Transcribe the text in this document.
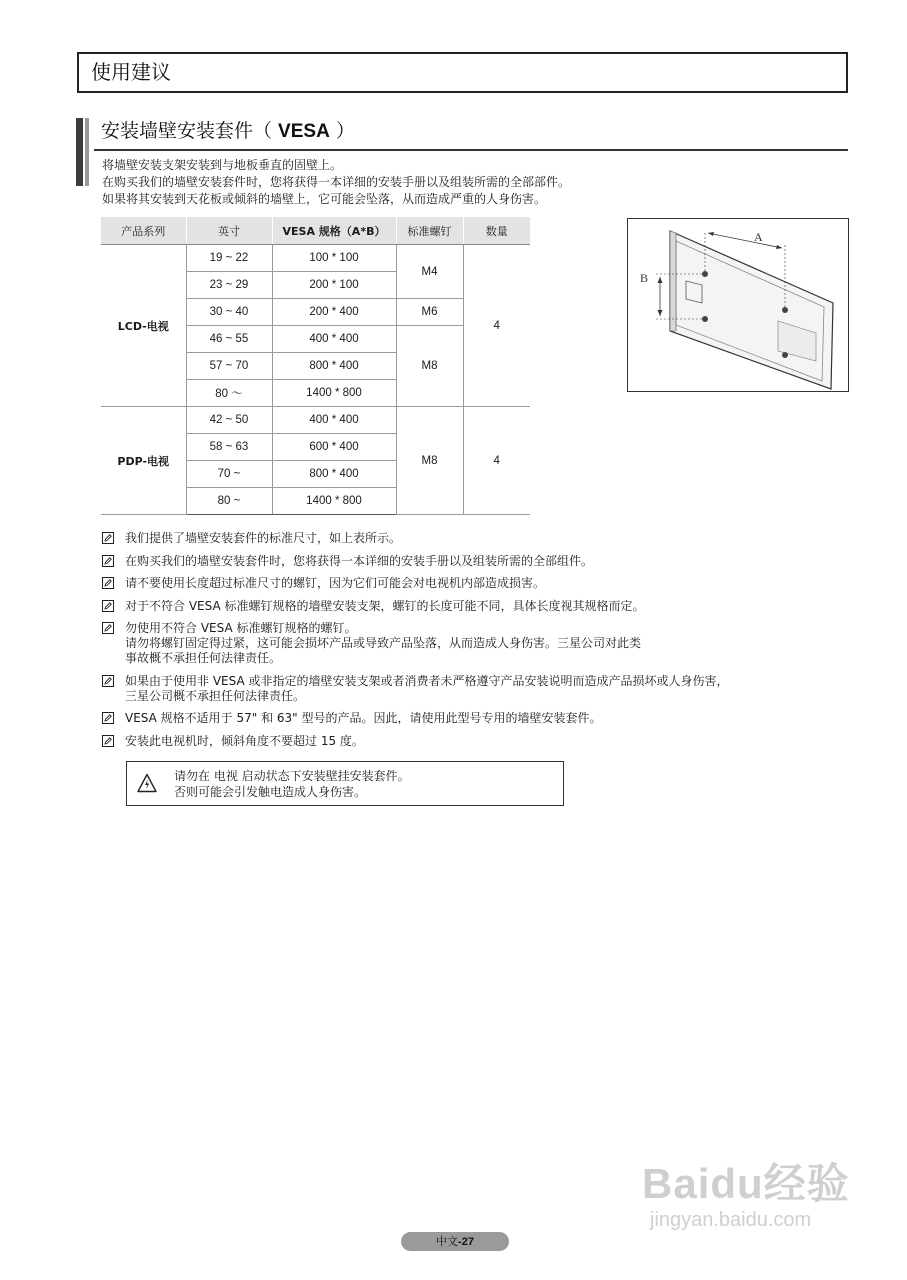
使用建议
安装墙壁安装套件（ VESA ）
将墙壁安装支架安装到与地板垂直的固壁上。
在购买我们的墙壁安装套件时，您将获得一本详细的安装手册以及组装所需的全部部件。
如果将其安装到天花板或倾斜的墙壁上，它可能会坠落，从而造成严重的人身伤害。
产品系列	英寸	VESA 规格（A*B）	标准螺钉	数量
LCD-电视	19 ~ 22	100 * 100	M4	4
	23 ~ 29	200 * 100		
	30 ~ 40	200 * 400	M6	
	46 ~ 55	400 * 400	M8	
	57 ~ 70	800 * 400		
	80 ～	1400 * 800		
PDP-电视	42 ~ 50	400 * 400	M8	4
	58 ~ 63	600 * 400		
	70 ~	800 * 400		
	80 ~	1400 * 800		
A
B
我们提供了墙壁安装套件的标准尺寸，如上表所示。
在购买我们的墙壁安装套件时，您将获得一本详细的安装手册以及组装所需的全部组件。
请不要使用长度超过标准尺寸的螺钉，因为它们可能会对电视机内部造成损害。
对于不符合 VESA 标准螺钉规格的墙壁安装支架，螺钉的长度可能不同，具体长度视其规格而定。
勿使用不符合 VESA 标准螺钉规格的螺钉。
请勿将螺钉固定得过紧，这可能会损坏产品或导致产品坠落，从而造成人身伤害。三星公司对此类
事故概不承担任何法律责任。
如果由于使用非 VESA 或非指定的墙壁安装支架或者消费者未严格遵守产品安装说明而造成产品损坏或人身伤害，
三星公司概不承担任何法律责任。
VESA 规格不适用于 57" 和 63" 型号的产品。因此，请使用此型号专用的墙壁安装套件。
安装此电视机时，倾斜角度不要超过 15 度。
请勿在 电视 启动状态下安装壁挂安装套件。
否则可能会引发触电造成人身伤害。
Baidu经验
jingyan.baidu.com
中文-27
